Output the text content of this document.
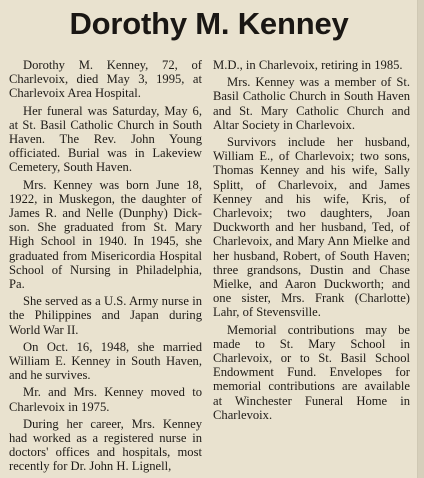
Dorothy M. Kenney

Dorothy M. Kenney, 72, of Charlevoix, died May 3, 1995, at Charlevoix Area Hospital.

Her funeral was Saturday, May 6, at St. Basil Catholic Church in South Haven. The Rev. John Young officiated. Burial was in Lakeview Cemetery, South Haven.

Mrs. Kenney was born June 18, 1922, in Muskegon, the daughter of James R. and Nelle (Dunphy) Dickson. She graduated from St. Mary High School in 1940. In 1945, she graduated from Misericordia Hospital School of Nursing in Philadelphia, Pa.

She served as a U.S. Army nurse in the Philippines and Japan during World War II.

On Oct. 16, 1948, she married William E. Kenney in South Haven, and he survives.

Mr. and Mrs. Kenney moved to Charlevoix in 1975.

During her career, Mrs. Kenney had worked as a registered nurse in doctors' offices and hospitals, most recently for Dr. John H. Lignell,

M.D., in Charlevoix, retiring in 1985.

Mrs. Kenney was a member of St. Basil Catholic Church in South Haven and St. Mary Catholic Church and Altar Society in Charlevoix.

Survivors include her husband, William E., of Charlevoix; two sons, Thomas Kenney and his wife, Sally Splitt, of Charlevoix, and James Kenney and his wife, Kris, of Charlevoix; two daughters, Joan Duckworth and her husband, Ted, of Charlevoix, and Mary Ann Mielke and her husband, Robert, of South Haven; three grandsons, Dustin and Chase Mielke, and Aaron Duckworth; and one sister, Mrs. Frank (Charlotte) Lahr, of Stevensville.

Memorial contributions may be made to St. Mary School in Charlevoix, or to St. Basil School Endowment Fund. Envelopes for memorial contributions are available at Winchester Funeral Home in Charlevoix.
